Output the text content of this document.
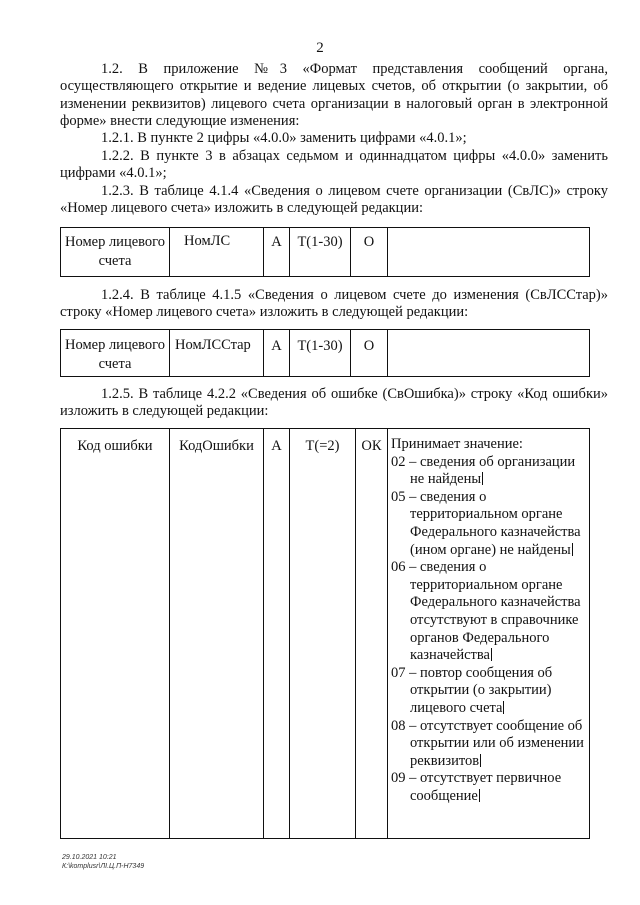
2

1.2. В приложение №3 «Формат представления сообщений органа, осуществляющего открытие и ведение лицевых счетов, об открытии (о закрытии, об изменении реквизитов) лицевого счета организации в налоговый орган в электронной форме» внести следующие изменения:

1.2.1. В пункте 2 цифры «4.0.0» заменить цифрами «4.0.1»;

1.2.2. В пункте 3 в абзацах седьмом и одиннадцатом цифры «4.0.0» заменить цифрами «4.0.1»;

1.2.3. В таблице 4.1.4 «Сведения о лицевом счете организации (СвЛС)» строку «Номер лицевого счета» изложить в следующей редакции:

Номер лицевого счета	НомЛС	А	Т(1-30)	О	

1.2.4. В таблице 4.1.5 «Сведения о лицевом счете до изменения (СвЛССтар)» строку «Номер лицевого счета» изложить в следующей редакции:

Номер лицевого счета	НомЛССтар	А	Т(1-30)	О	

1.2.5. В таблице 4.2.2 «Сведения об ошибке (СвОшибка)» строку «Код ошибки» изложить в следующей редакции:

Код ошибки	КодОшибки	А	Т(=2)	ОК	Принимает значение:
02 – сведения об организации не найдены
05 – сведения о территориальном органе Федерального казначейства (ином органе) не найдены
06 – сведения о территориальном органе Федерального казначейства отсутствуют в справочнике органов Федерального казначейства
07 – повтор сообщения об открытии (о закрытии) лицевого счета
08 – отсутствует сообщение об открытии или об изменении реквизитов
09 – отсутствует первичное сообщение
29.10.2021 10:21
К:\komplusr\ЛI.Ц.П-Н7349
